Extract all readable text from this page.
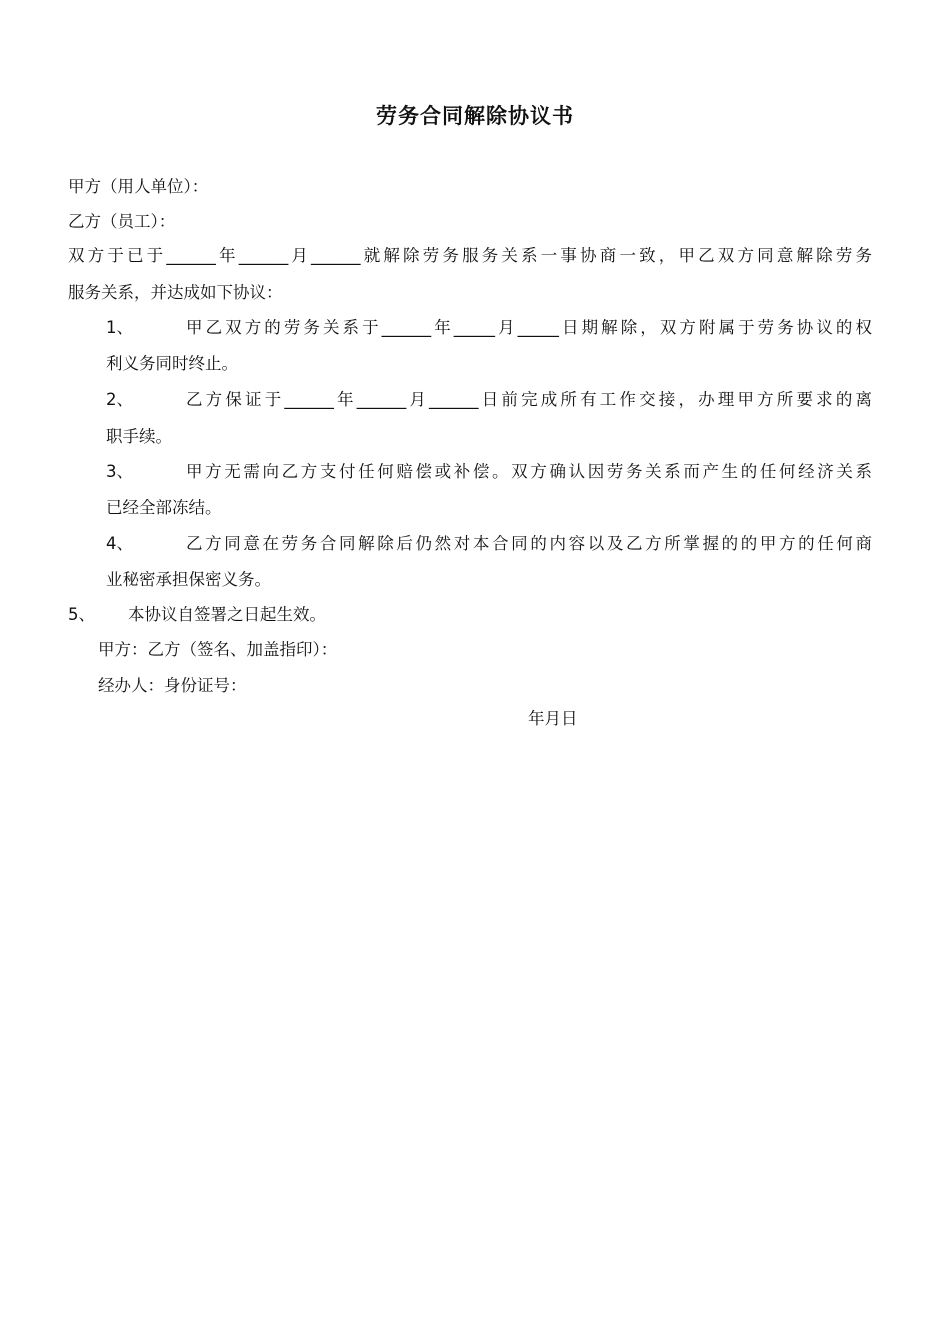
劳务合同解除协议书
甲方（用人单位）：
乙方（员工）：
双方于已于______年______月______就解除劳务服务关系一事协商一致，甲乙双方同意解除劳务
服务关系，并达成如下协议：
1、	甲乙双方的劳务关系于______年_____月_____日期解除，双方附属于劳务协议的权
利义务同时终止。
2、	乙方保证于______年______月______日前完成所有工作交接，办理甲方所要求的离
职手续。
3、	甲方无需向乙方支付任何赔偿或补偿。双方确认因劳务关系而产生的任何经济关系
已经全部冻结。
4、	乙方同意在劳务合同解除后仍然对本合同的内容以及乙方所掌握的的甲方的任何商
业秘密承担保密义务。
5、 本协议自签署之日起生效。
甲方：乙方（签名、加盖指印）：
经办人：身份证号：
年月日
